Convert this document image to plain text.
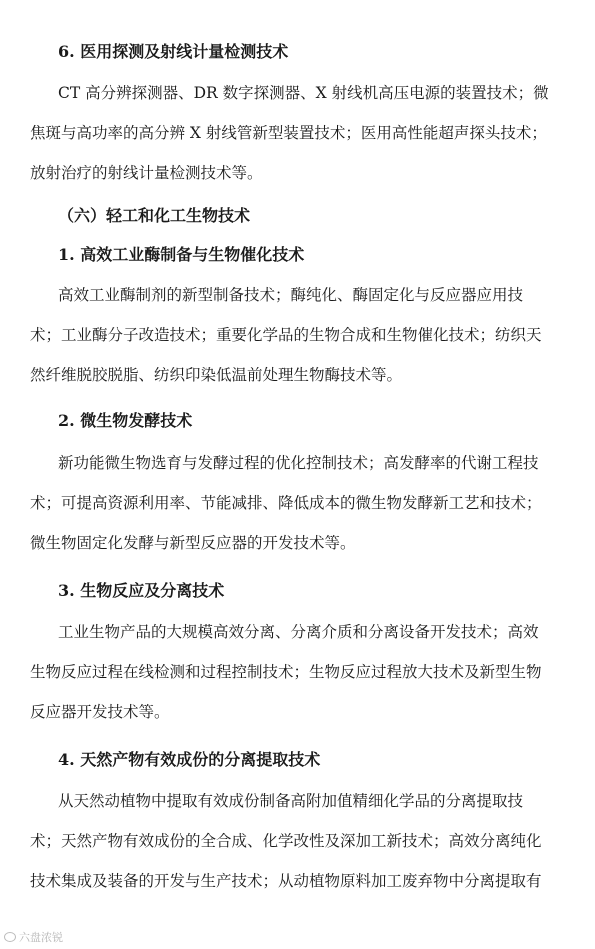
6. 医用探测及射线计量检测技术
CT 高分辨探测器、DR 数字探测器、X 射线机高压电源的装置技术；微
焦斑与高功率的高分辨 X 射线管新型装置技术；医用高性能超声探头技术；
放射治疗的射线计量检测技术等。
（六）轻工和化工生物技术
1. 高效工业酶制备与生物催化技术
高效工业酶制剂的新型制备技术；酶纯化、酶固定化与反应器应用技
术；工业酶分子改造技术；重要化学品的生物合成和生物催化技术；纺织天
然纤维脱胶脱脂、纺织印染低温前处理生物酶技术等。
2. 微生物发酵技术
新功能微生物选育与发酵过程的优化控制技术；高发酵率的代谢工程技
术；可提高资源利用率、节能减排、降低成本的微生物发酵新工艺和技术；
微生物固定化发酵与新型反应器的开发技术等。
3. 生物反应及分离技术
工业生物产品的大规模高效分离、分离介质和分离设备开发技术；高效
生物反应过程在线检测和过程控制技术；生物反应过程放大技术及新型生物
反应器开发技术等。
4. 天然产物有效成份的分离提取技术
从天然动植物中提取有效成份制备高附加值精细化学品的分离提取技
术；天然产物有效成份的全合成、化学改性及深加工新技术；高效分离纯化
技术集成及装备的开发与生产技术；从动植物原料加工废弃物中分离提取有
六盘浓锐
